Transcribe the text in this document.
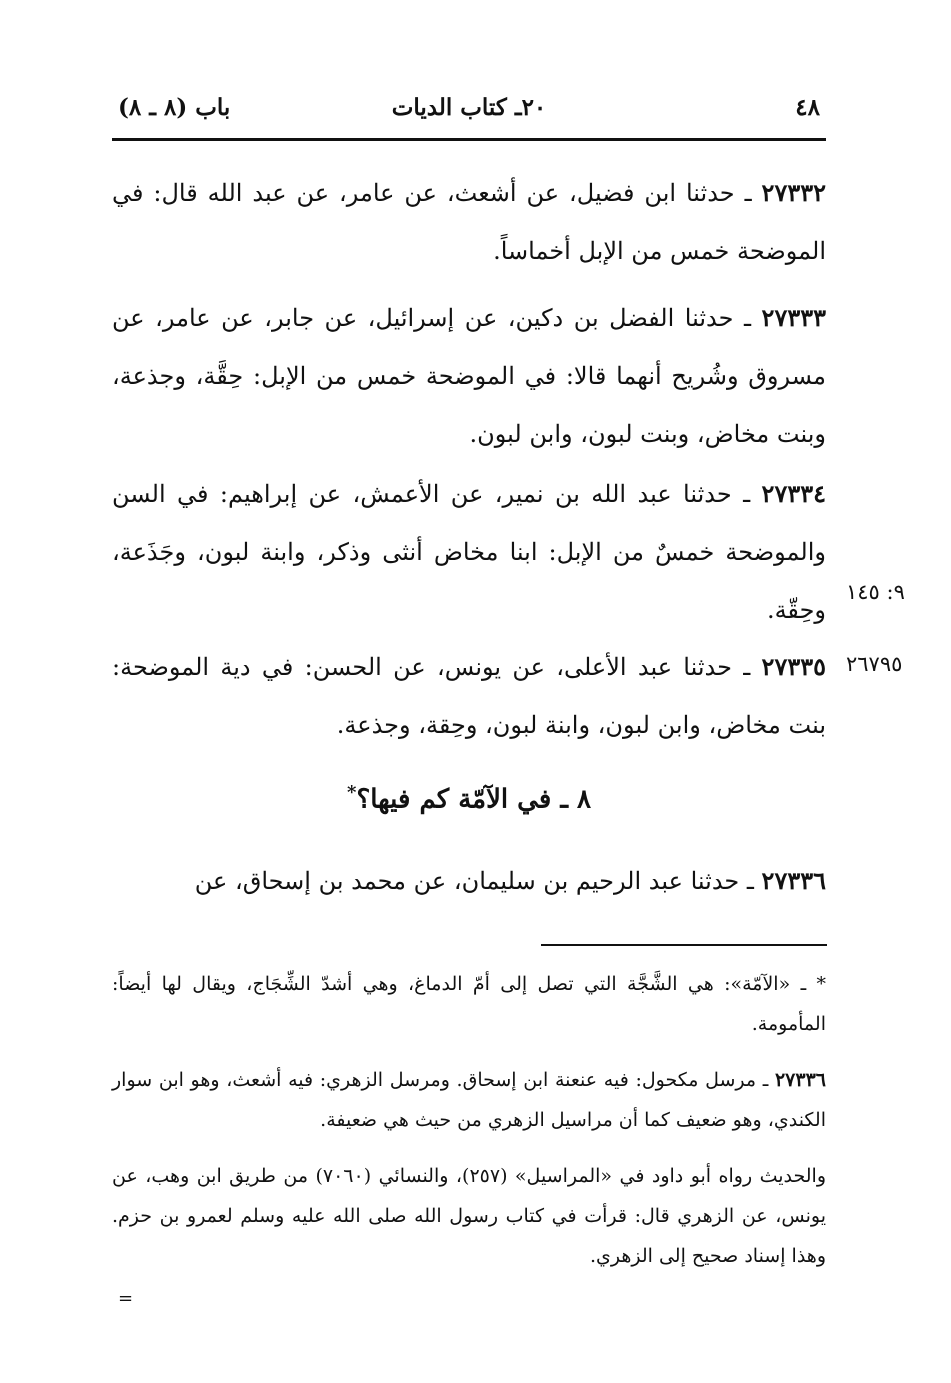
باب (٨ ـ ٨)	٢٠ـ كتاب الديات	٤٨
٢٧٣٣٢ ـ حدثنا ابن فضيل، عن أشعث، عن عامر، عن عبد الله قال: في الموضحة خمس من الإبل أخماساً.
٢٧٣٣٣ ـ حدثنا الفضل بن دكين، عن إسرائيل، عن جابر، عن عامر، عن مسروق وشُريح أنهما قالا: في الموضحة خمس من الإبل: حِقَّة، وجذعة، وبنت مخاض، وبنت لبون، وابن لبون.
٢٧٣٣٤ ـ حدثنا عبد الله بن نمير، عن الأعمش، عن إبراهيم: في السن والموضحة خمسٌ من الإبل: ابنا مخاض أنثى وذكر، وابنة لبون، وجَذَعة، وحِقّة.
٩: ١٤٥
٢٧٣٣٥ ـ حدثنا عبد الأعلى، عن يونس، عن الحسن: في دية الموضحة: بنت مخاض، وابن لبون، وابنة لبون، وحِقة، وجذعة.
٢٦٧٩٥
٨ ـ في الآمّة كم فيها؟*
٢٧٣٣٦ ـ حدثنا عبد الرحيم بن سليمان، عن محمد بن إسحاق، عن
* ـ «الآمّة»: هي الشَّجَّة التي تصل إلى أمّ الدماغ، وهي أشدّ الشِّجَاج، ويقال لها أيضاً: المأمومة.
٢٧٣٣٦ ـ مرسل مكحول: فيه عنعنة ابن إسحاق. ومرسل الزهري: فيه أشعث، وهو ابن سوار الكندي، وهو ضعيف كما أن مراسيل الزهري من حيث هي ضعيفة.
والحديث رواه أبو داود في «المراسيل» (٢٥٧)، والنسائي (٧٠٦٠) من طريق ابن وهب، عن يونس، عن الزهري قال: قرأت في كتاب رسول الله صلى الله عليه وسلم لعمرو بن حزم. وهذا إسناد صحيح إلى الزهري.
=
